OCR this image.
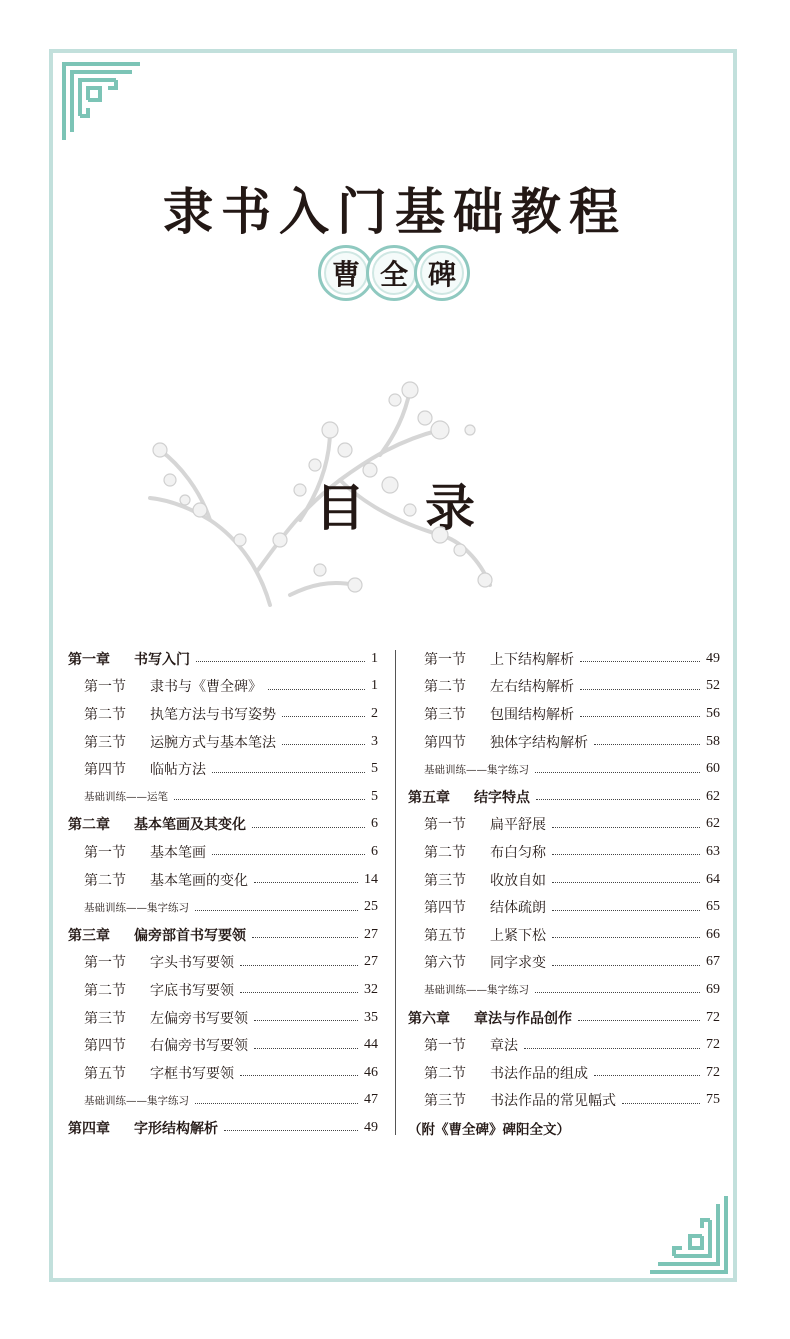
隶书入门基础教程
曹 全 碑
目 录
第一章 书写入门	1
第一节 隶书与《曹全碑》	1
第二节 执笔方法与书写姿势	2
第三节 运腕方式与基本笔法	3
第四节 临帖方法	5
基础训练——运笔	5
第二章 基本笔画及其变化	6
第一节 基本笔画	6
第二节 基本笔画的变化	14
基础训练——集字练习	25
第三章 偏旁部首书写要领	27
第一节 字头书写要领	27
第二节 字底书写要领	32
第三节 左偏旁书写要领	35
第四节 右偏旁书写要领	44
第五节 字框书写要领	46
基础训练——集字练习	47
第四章 字形结构解析	49
第一节 上下结构解析	49
第二节 左右结构解析	52
第三节 包围结构解析	56
第四节 独体字结构解析	58
基础训练——集字练习	60
第五章 结字特点	62
第一节 扁平舒展	62
第二节 布白匀称	63
第三节 收放自如	64
第四节 结体疏朗	65
第五节 上紧下松	66
第六节 同字求变	67
基础训练——集字练习	69
第六章 章法与作品创作	72
第一节 章法	72
第二节 书法作品的组成	72
第三节 书法作品的常见幅式	75
（附《曹全碑》碑阳全文）
